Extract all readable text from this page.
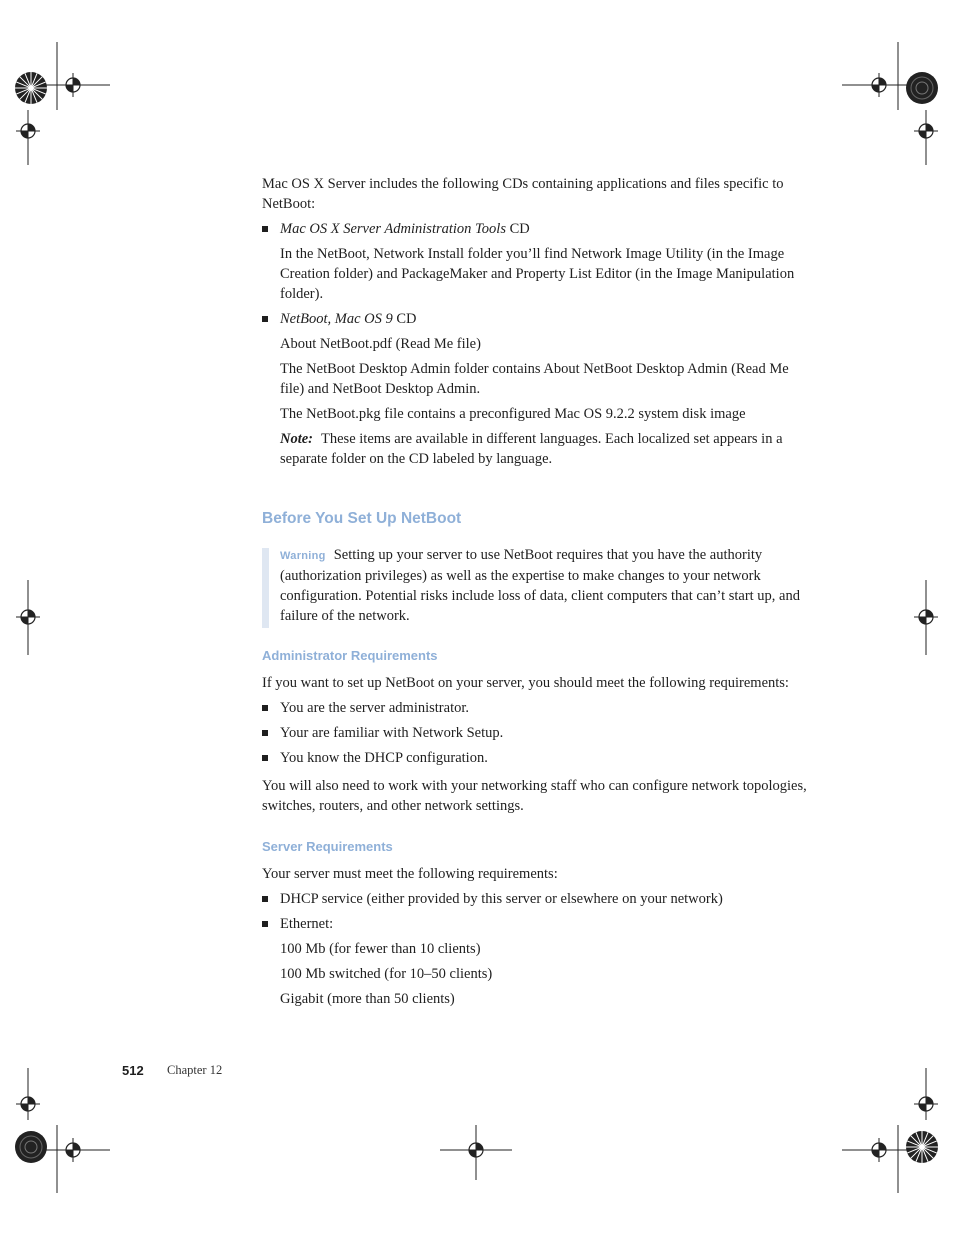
Mac OS X Server includes the following CDs containing applications and files specific to NetBoot:
Mac OS X Server Administration Tools CD
In the NetBoot, Network Install folder you’ll find Network Image Utility (in the Image Creation folder) and PackageMaker and Property List Editor (in the Image Manipulation folder).
NetBoot, Mac OS 9 CD
About NetBoot.pdf (Read Me file)
The NetBoot Desktop Admin folder contains About NetBoot Desktop Admin (Read Me file) and NetBoot Desktop Admin.
The NetBoot.pkg file contains a preconfigured Mac OS 9.2.2 system disk image
Note: These items are available in different languages. Each localized set appears in a separate folder on the CD labeled by language.
Before You Set Up NetBoot
Warning Setting up your server to use NetBoot requires that you have the authority (authorization privileges) as well as the expertise to make changes to your network configuration. Potential risks include loss of data, client computers that can’t start up, and failure of the network.
Administrator Requirements
If you want to set up NetBoot on your server, you should meet the following requirements:
You are the server administrator.
Your are familiar with Network Setup.
You know the DHCP configuration.
You will also need to work with your networking staff who can configure network topologies, switches, routers, and other network settings.
Server Requirements
Your server must meet the following requirements:
DHCP service (either provided by this server or elsewhere on your network)
Ethernet:
100 Mb (for fewer than 10 clients)
100 Mb switched (for 10–50 clients)
Gigabit (more than 50 clients)
512 Chapter 12
